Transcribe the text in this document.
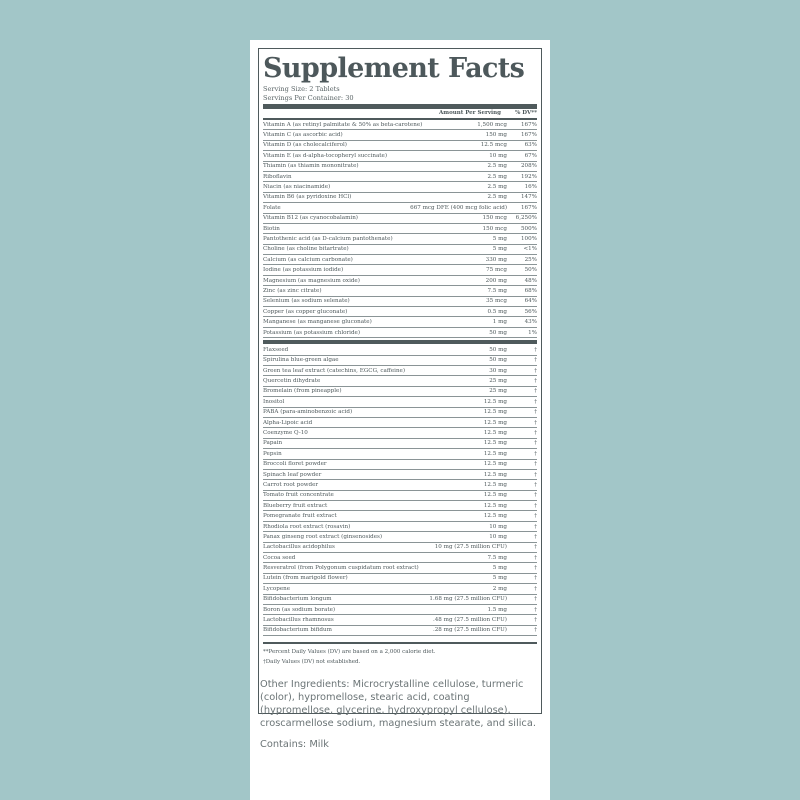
Supplement Facts
Serving Size: 2 Tablets
Servings Per Container: 30
Amount Per Serving	% DV**
Vitamin A (as retinyl palmitate & 50% as beta-carotene)	1,500 mcg	167%
Vitamin C (as ascorbic acid)	150 mg	167%
Vitamin D (as cholecalciferol)	12.5 mcg	63%
Vitamin E (as d-alpha-tocopheryl succinate)	10 mg	67%
Thiamin (as thiamin mononitrate)	2.5 mg	208%
Riboflavin	2.5 mg	192%
Niacin (as niacinamide)	2.5 mg	16%
Vitamin B6 (as pyridoxine HCl)	2.5 mg	147%
Folate	667 mcg DFE (400 mcg folic acid)	167%
Vitamin B12 (as cyanocobalamin)	150 mcg	6,250%
Biotin	150 mcg	500%
Pantothenic acid (as D-calcium pantothenate)	5 mg	100%
Choline (as choline bitartrate)	5 mg	<1%
Calcium (as calcium carbonate)	330 mg	25%
Iodine (as potassium iodide)	75 mcg	50%
Magnesium (as magnesium oxide)	200 mg	48%
Zinc (as zinc citrate)	7.5 mg	68%
Selenium (as sodium selenate)	35 mcg	64%
Copper (as copper gluconate)	0.5 mg	56%
Manganese (as manganese gluconate)	1 mg	43%
Potassium (as potassium chloride)	50 mg	1%
Flaxseed	50 mg	†
Spirulina blue-green algae	50 mg	†
Green tea leaf extract (catechins, EGCG, caffeine)	30 mg	†
Quercetin dihydrate	25 mg	†
Bromelain (from pineapple)	25 mg	†
Inositol	12.5 mg	†
PABA (para-aminobenzoic acid)	12.5 mg	†
Alpha-Lipoic acid	12.5 mg	†
Coenzyme Q-10	12.5 mg	†
Papain	12.5 mg	†
Pepsin	12.5 mg	†
Broccoli floret powder	12.5 mg	†
Spinach leaf powder	12.5 mg	†
Carrot root powder	12.5 mg	†
Tomato fruit concentrate	12.5 mg	†
Blueberry fruit extract	12.5 mg	†
Pomegranate fruit extract	12.5 mg	†
Rhodiola root extract (rosavin)	10 mg	†
Panax ginseng root extract (ginsenosides)	10 mg	†
Lactobacillus acidophilus	10 mg (27.5 million CFU)	†
Cocoa seed	7.5 mg	†
Resveratrol (from Polygonum cuspidatum root extract)	5 mg	†
Lutein (from marigold flower)	5 mg	†
Lycopene	2 mg	†
Bifidobacterium longum	1.68 mg (27.5 million CFU)	†
Boron (as sodium borate)	1.5 mg	†
Lactobacillus rhamnosus	.48 mg (27.5 million CFU)	†
Bifidobacterium bifidum	.28 mg (27.5 million CFU)	†
**Percent Daily Values (DV) are based on a 2,000 calorie diet.
†Daily Values (DV) not established.
Other Ingredients: Microcrystalline cellulose, turmeric (color), hypromellose, stearic acid, coating (hypromellose, glycerine, hydroxypropyl cellulose), croscarmellose sodium, magnesium stearate, and silica.
Contains: Milk
